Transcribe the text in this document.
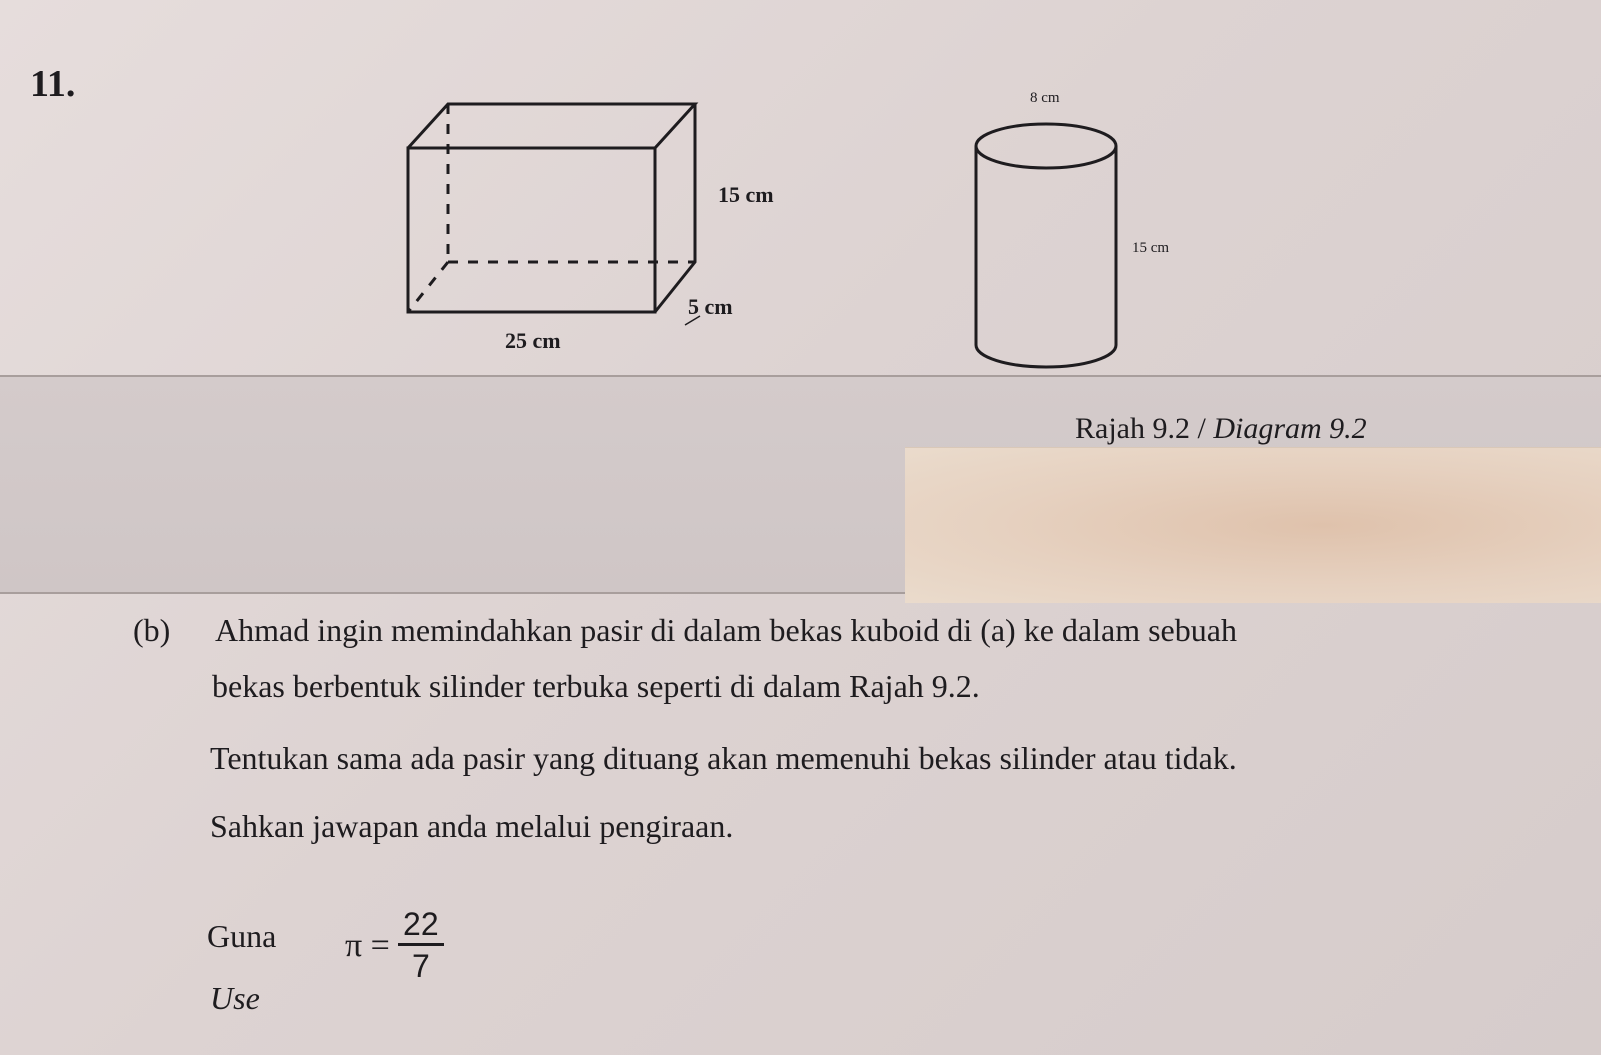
11.
15 cm
5 cm
25 cm
8 cm
15 cm
Rajah 9.2 / Diagram 9.2
(b) Ahmad ingin memindahkan pasir di dalam bekas kuboid di (a) ke dalam sebuah
bekas berbentuk silinder terbuka seperti di dalam Rajah 9.2.
Tentukan sama ada pasir yang dituang akan memenuhi bekas silinder atau tidak.
Sahkan jawapan anda melalui pengiraan.
Guna
Use
$\pi = \frac{22}{7}$
